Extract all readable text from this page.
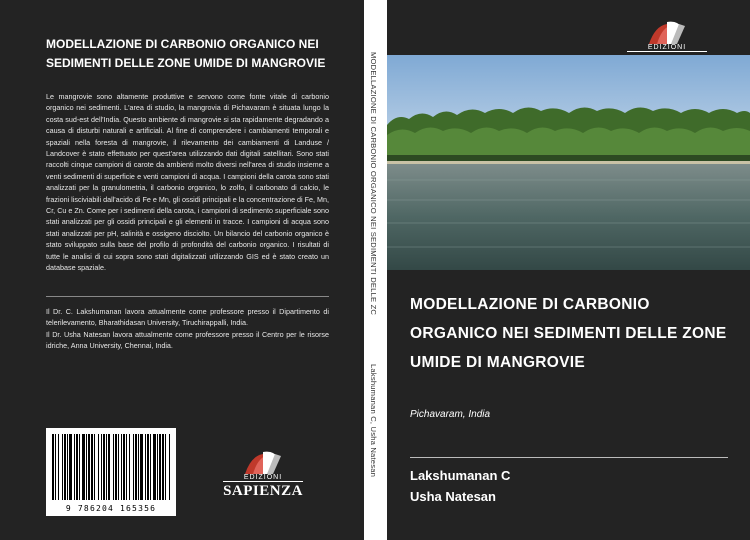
MODELLAZIONE DI CARBONIO ORGANICO NEI SEDIMENTI DELLE ZONE UMIDE DI MANGROVIE
Le mangrovie sono altamente produttive e servono come fonte vitale di carbonio organico nei sedimenti. L'area di studio, la mangrovia di Pichavaram è situata lungo la costa sud-est dell'India. Questo ambiente di mangrovie si sta rapidamente degradando a causa di disturbi naturali e artificiali. Al fine di comprendere i cambiamenti temporali e spaziali nella foresta di mangrovie, il rilevamento dei cambiamenti di Landuse / Landcover è stato effettuato per quest'area utilizzando dati digitali satellitari. Sono stati raccolti cinque campioni di carote da ambienti molto diversi nell'area di studio insieme a venti sedimenti di superficie e venti campioni di acqua. I campioni della carota sono stati analizzati per la granulometria, il carbonio organico, lo zolfo, il carbonato di calcio, le frazioni lisciviabili dall'acido di Fe e Mn, gli ossidi principali e la concentrazione di Fe, Mn, Cr, Cu e Zn. Come per i sedimenti della carota, i campioni di sedimento superficiale sono stati analizzati per gli ossidi principali e gli elementi in tracce. I campioni di acqua sono stati analizzati per pH, salinità e ossigeno disciolto. Un bilancio del carbonio organico è stato sviluppato sulla base del profilo di profondità del carbonio organico. I risultati di tutte le analisi di cui sopra sono stati digitalizzati utilizzando GIS ed è stato creato un database spaziale.

Il Dr. C. Lakshumanan lavora attualmente come professore presso il Dipartimento di telerilevamento, Bharathidasan University, Tiruchirappalli, India.

Il Dr. Usha Natesan lavora attualmente come professore presso il Centro per le risorse idriche, Anna University, Chennai, India.

9 786204 165356
EDIZIONI
SAPIENZA
MODELLAZIONE DI CARBONIO ORGANICO NEI SEDIMENTI DELLE ZC
Lakshumanan C, Usha Natesan
EDIZIONI
MODELLAZIONE DI CARBONIO ORGANICO NEI SEDIMENTI DELLE ZONE UMIDE DI MANGROVIE
Pichavaram, India
Lakshumanan C
Usha Natesan
